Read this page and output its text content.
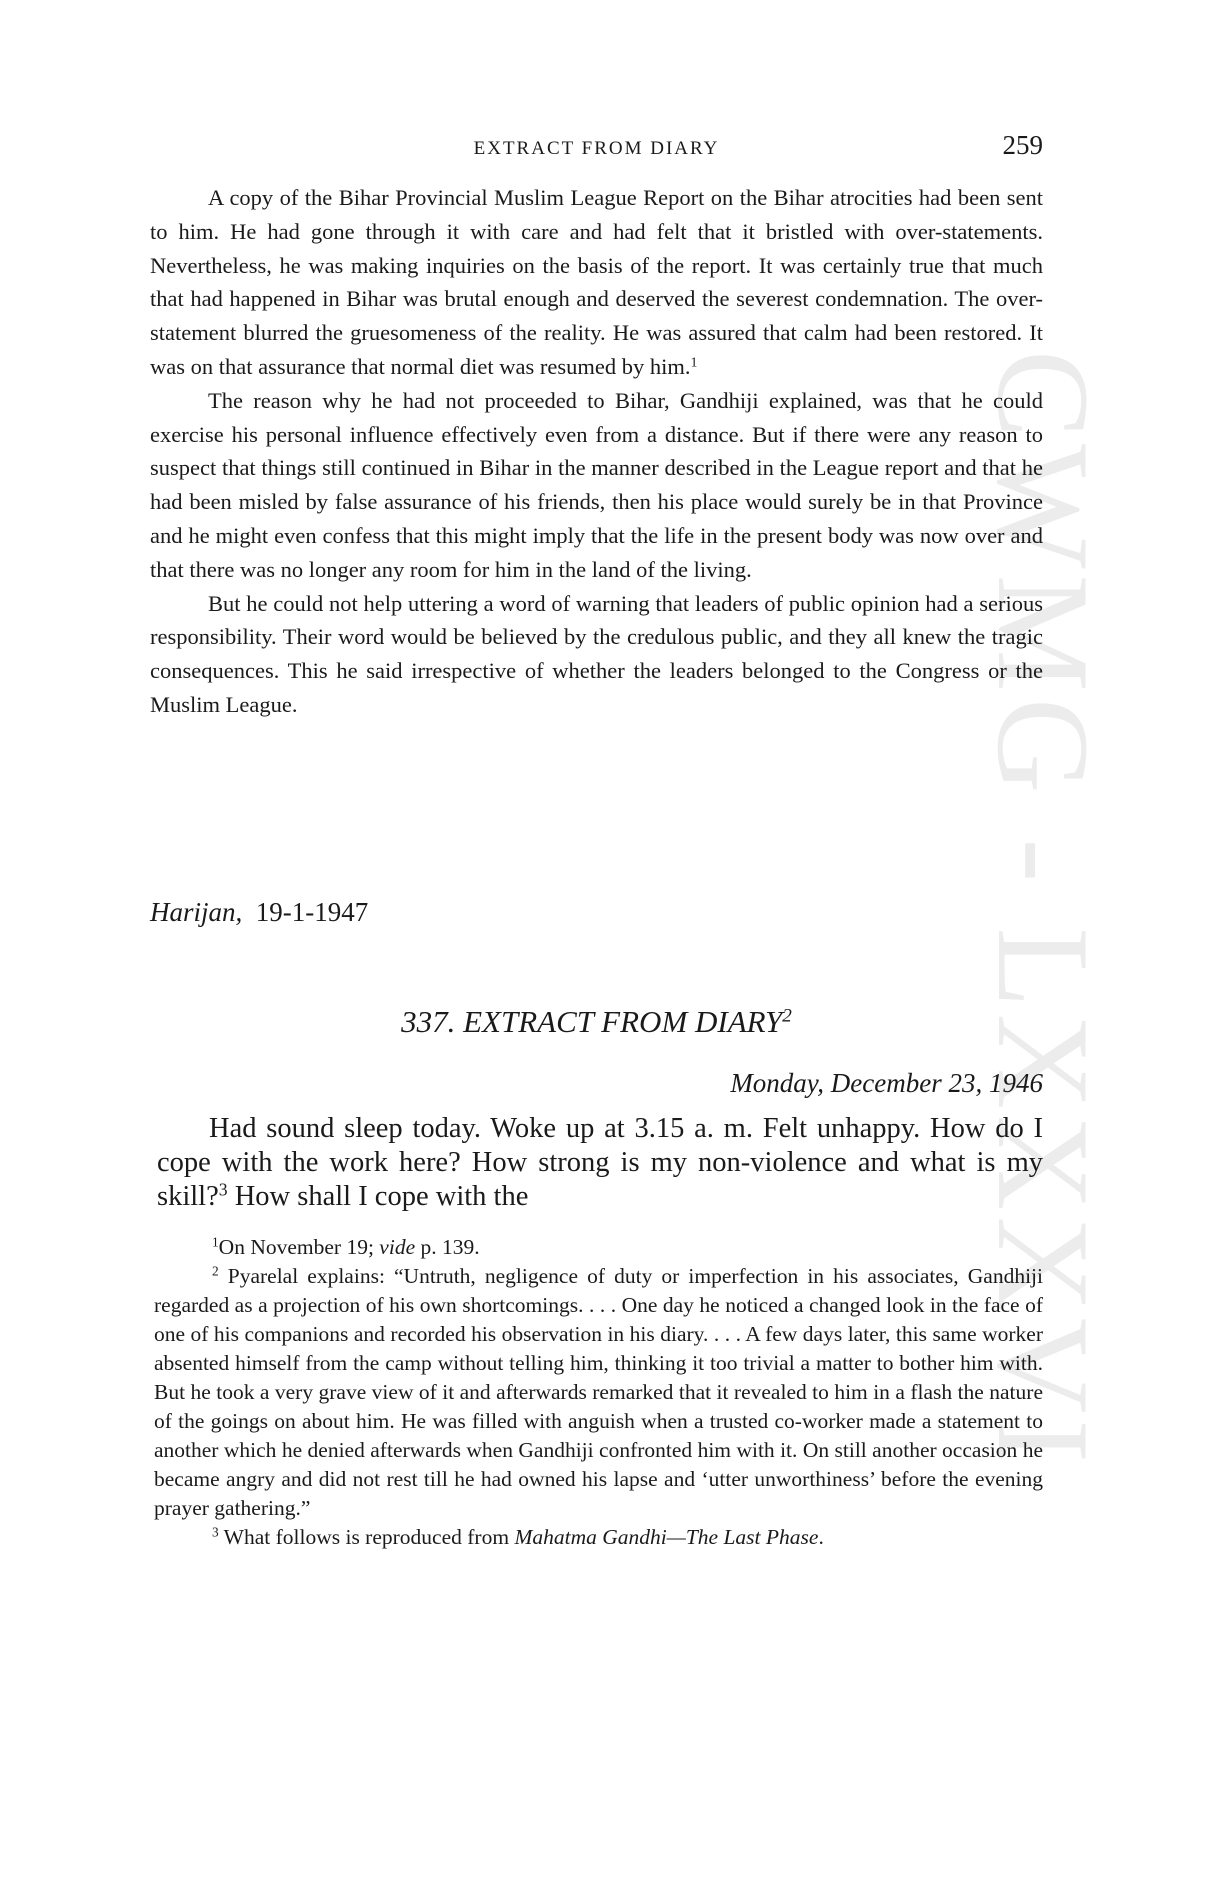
CWMG - LXXXVI
EXTRACT FROM DIARY	259

A copy of the Bihar Provincial Muslim League Report on the Bihar atrocities had been sent to him. He had gone through it with care and had felt that it bristled with over-statements. Nevertheless, he was making inquiries on the basis of the report. It was certainly true that much that had happened in Bihar was brutal enough and deserved the severest condemnation. The over-statement blurred the gruesomeness of the reality. He was assured that calm had been restored. It was on that assurance that normal diet was resumed by him.$^1$

The reason why he had not proceeded to Bihar, Gandhiji explained, was that he could exercise his personal influence effectively even from a distance. But if there were any reason to suspect that things still continued in Bihar in the manner described in the League report and that he had been misled by false assurance of his friends, then his place would surely be in that Province and he might even confess that this might imply that the life in the present body was now over and that there was no longer any room for him in the land of the living.

But he could not help uttering a word of warning that leaders of public opinion had a serious responsibility. Their word would be believed by the credulous public, and they all knew the tragic consequences. This he said irrespective of whether the leaders belonged to the Congress or the Muslim League.

Harijan, 19-1-1947
337. EXTRACT FROM DIARY$^2$
Monday, December 23, 1946

Had sound sleep today. Woke up at 3.15 a. m. Felt unhappy. How do I cope with the work here? How strong is my non-violence and what is my skill?$^3$ How shall I cope with the

$^1$On November 19; vide p. 139.

$^2$ Pyarelal explains: “Untruth, negligence of duty or imperfection in his associates, Gandhiji regarded as a projection of his own shortcomings. . . . One day he noticed a changed look in the face of one of his companions and recorded his observation in his diary. . . . A few days later, this same worker absented himself from the camp without telling him, thinking it too trivial a matter to bother him with. But he took a very grave view of it and afterwards remarked that it revealed to him in a flash the nature of the goings on about him. He was filled with anguish when a trusted co-worker made a statement to another which he denied afterwards when Gandhiji confronted him with it. On still another occasion he became angry and did not rest till he had owned his lapse and ‘utter unworthiness’ before the evening prayer gathering.”

$^3$ What follows is reproduced from Mahatma Gandhi—The Last Phase.
